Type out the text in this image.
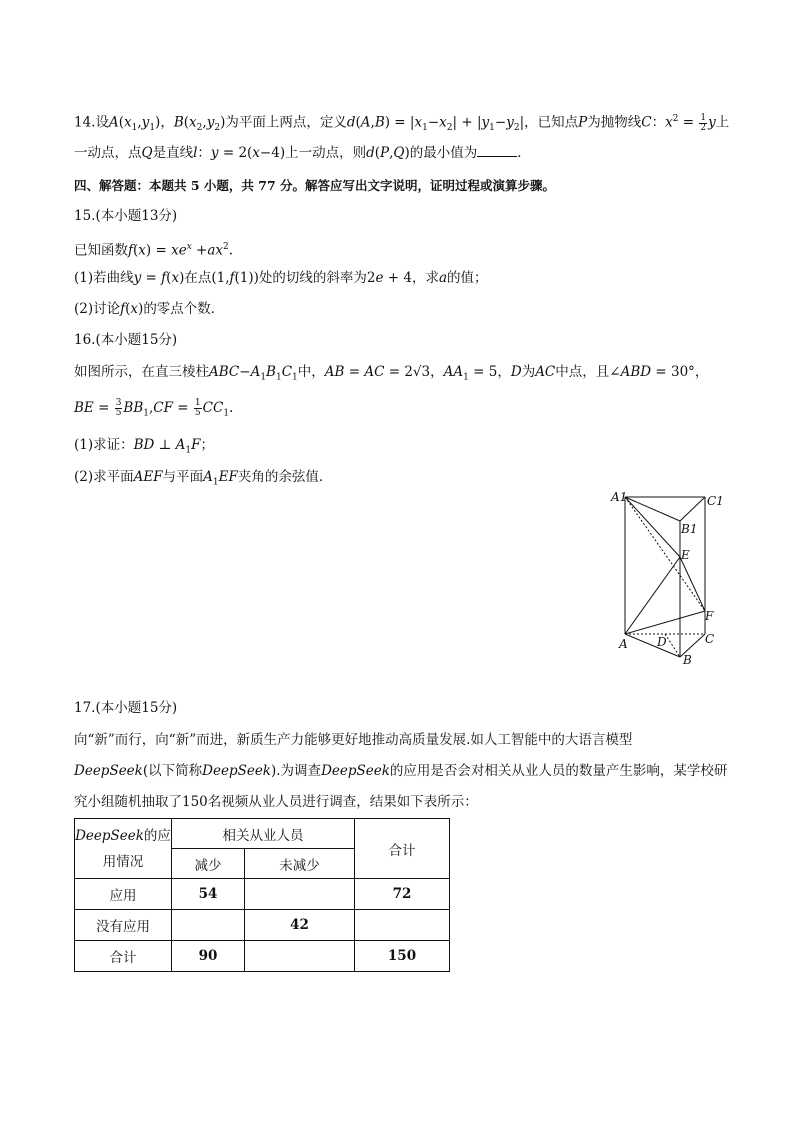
14.设$A(x_1,y_1)$，$B(x_2,y_2)$为平面上两点，定义$d(A,B) = |x_1-x_2| + |y_1-y_2|$，已知点P为抛物线C：$x^2 = \frac{1}{2}$ y上
一动点，点Q是直线l：y = 2(x−4)上一动点，则d(P,Q)的最小值为	．
四、解答题：本题共 5 小题，共 77 分。解答应写出文字说明，证明过程或演算步骤。
15.(本小题13分)
已知函数$f(x) = xe^x +ax^2$.
(1)若曲线y = f(x)在点(1,f(1))处的切线的斜率为2e + 4，求a的值；
(2)讨论f(x)的零点个数．
16.(本小题15分)
如图所示，在直三棱柱$ABC-A_1B_1C_1$中，AB = AC = 2√3，$AA_1 = 5$，D为AC中点，且∠ABD = 30°，
BE = $\frac{3}{5} BB_1,CF = \frac{1}{5} CC_1$.
(1)求证：BD ⊥ $A_1F$；
(2)求平面AEF与平面$A_1EF$夹角的余弦值．
A1	C1
B1
E
F
A D	C
B
17.(本小题15分)
向“新”而行，向“新”而进，新质生产力能够更好地推动高质量发展.如人工智能中的大语言模型
DeepSeek(以下简称DeepSeek).为调查DeepSeek的应用是否会对相关从业人员的数量产生影响，某学校研
究小组随机抽取了150名视频从业人员进行调查，结果如下表所示：
DeepSeek的应
用情况	相关从业人员		合计
	减少	未减少	
应用	54		72
没有应用		42	
合计	90		150
